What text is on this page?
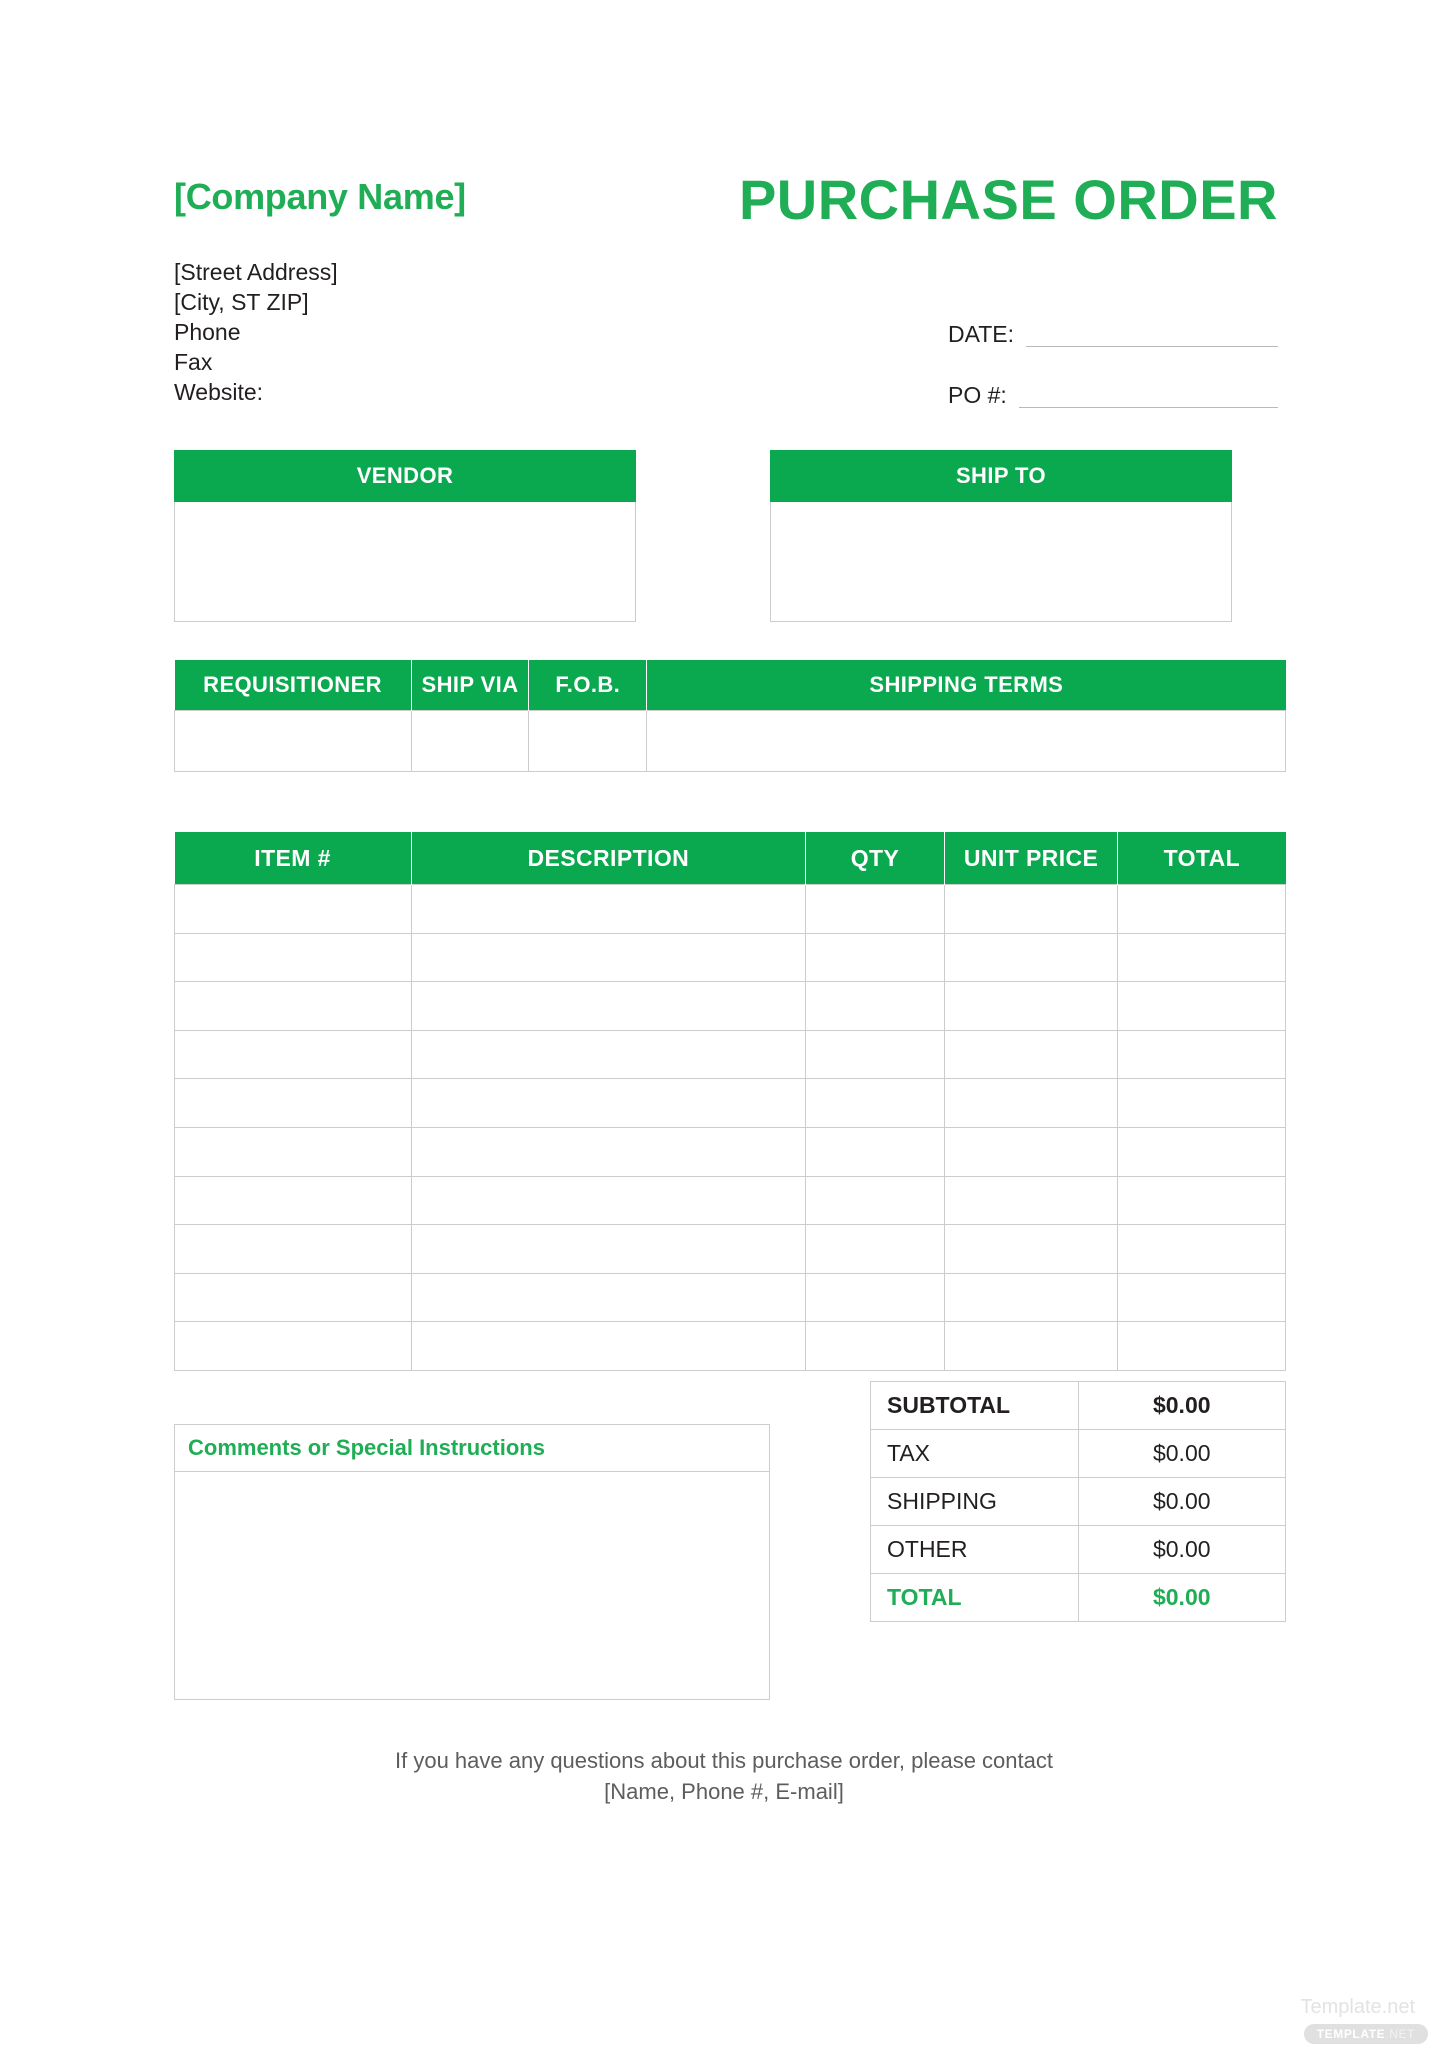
[Company Name]
[Street Address]
[City, ST ZIP]
Phone
Fax
Website:
PURCHASE ORDER
DATE:
PO #:
VENDOR	SHIP TO
REQUISITIONER	SHIP VIA	F.O.B.	SHIPPING TERMS

ITEM #	DESCRIPTION	QTY	UNIT PRICE	TOTAL

SUBTOTAL	$0.00
TAX	$0.00
SHIPPING	$0.00
OTHER	$0.00
TOTAL	$0.00
Comments or Special Instructions
If you have any questions about this purchase order, please contact
[Name, Phone #, E-mail]
Template.net
TEMPLATE.NET
